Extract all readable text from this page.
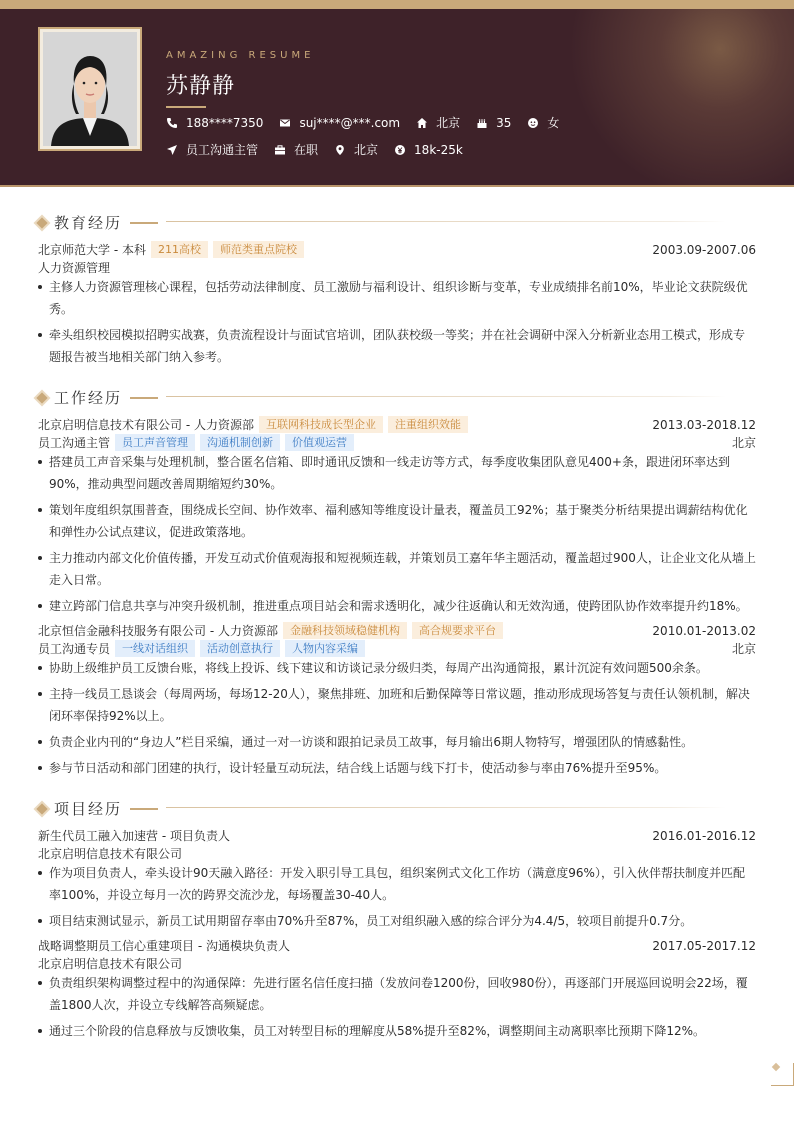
AMAZING RESUME
苏静静
188****7350	suj****@***.com	北京	35	女
员工沟通主管	在职	北京	18k-25k
教育经历
北京师范大学 - 本科	211高校	师范类重点院校	2003.09-2007.06
人力资源管理
主修人力资源管理核心课程，包括劳动法律制度、员工激励与福利设计、组织诊断与变革，专业成绩排名前10%，毕业论文获院级优秀。
牵头组织校园模拟招聘实战赛，负责流程设计与面试官培训，团队获校级一等奖；并在社会调研中深入分析新业态用工模式，形成专题报告被当地相关部门纳入参考。
工作经历
北京启明信息技术有限公司 - 人力资源部	互联网科技成长型企业	注重组织效能	2013.03-2018.12
员工沟通主管	员工声音管理	沟通机制创新	价值观运营	北京
搭建员工声音采集与处理机制，整合匿名信箱、即时通讯反馈和一线走访等方式，每季度收集团队意见400+条，跟进闭环率达到90%，推动典型问题改善周期缩短约30%。
策划年度组织氛围普查，围绕成长空间、协作效率、福利感知等维度设计量表，覆盖员工92%；基于聚类分析结果提出调薪结构优化和弹性办公试点建议，促进政策落地。
主力推动内部文化价值传播，开发互动式价值观海报和短视频连载，并策划员工嘉年华主题活动，覆盖超过900人，让企业文化从墙上走入日常。
建立跨部门信息共享与冲突升级机制，推进重点项目站会和需求透明化，减少往返确认和无效沟通，使跨团队协作效率提升约18%。
北京恒信金融科技服务有限公司 - 人力资源部	金融科技领域稳健机构	高合规要求平台	2010.01-2013.02
员工沟通专员	一线对话组织	活动创意执行	人物内容采编	北京
协助上级维护员工反馈台账，将线上投诉、线下建议和访谈记录分级归类，每周产出沟通简报，累计沉淀有效问题500余条。
主持一线员工恳谈会（每周两场，每场12-20人），聚焦排班、加班和后勤保障等日常议题，推动形成现场答复与责任认领机制，解决闭环率保持92%以上。
负责企业内刊的“身边人”栏目采编，通过一对一访谈和跟拍记录员工故事，每月输出6期人物特写，增强团队的情感黏性。
参与节日活动和部门团建的执行，设计轻量互动玩法，结合线上话题与线下打卡，使活动参与率由76%提升至95%。
项目经历
新生代员工融入加速营 - 项目负责人	2016.01-2016.12
北京启明信息技术有限公司
作为项目负责人，牵头设计90天融入路径：开发入职引导工具包，组织案例式文化工作坊（满意度96%），引入伙伴帮扶制度并匹配率100%，并设立每月一次的跨界交流沙龙，每场覆盖30-40人。
项目结束测试显示，新员工试用期留存率由70%升至87%，员工对组织融入感的综合评分为4.4/5，较项目前提升0.7分。
战略调整期员工信心重建项目 - 沟通模块负责人	2017.05-2017.12
北京启明信息技术有限公司
负责组织架构调整过程中的沟通保障：先进行匿名信任度扫描（发放问卷1200份，回收980份），再逐部门开展巡回说明会22场，覆盖1800人次，并设立专线解答高频疑虑。
通过三个阶段的信息释放与反馈收集，员工对转型目标的理解度从58%提升至82%，调整期间主动离职率比预期下降12%。
